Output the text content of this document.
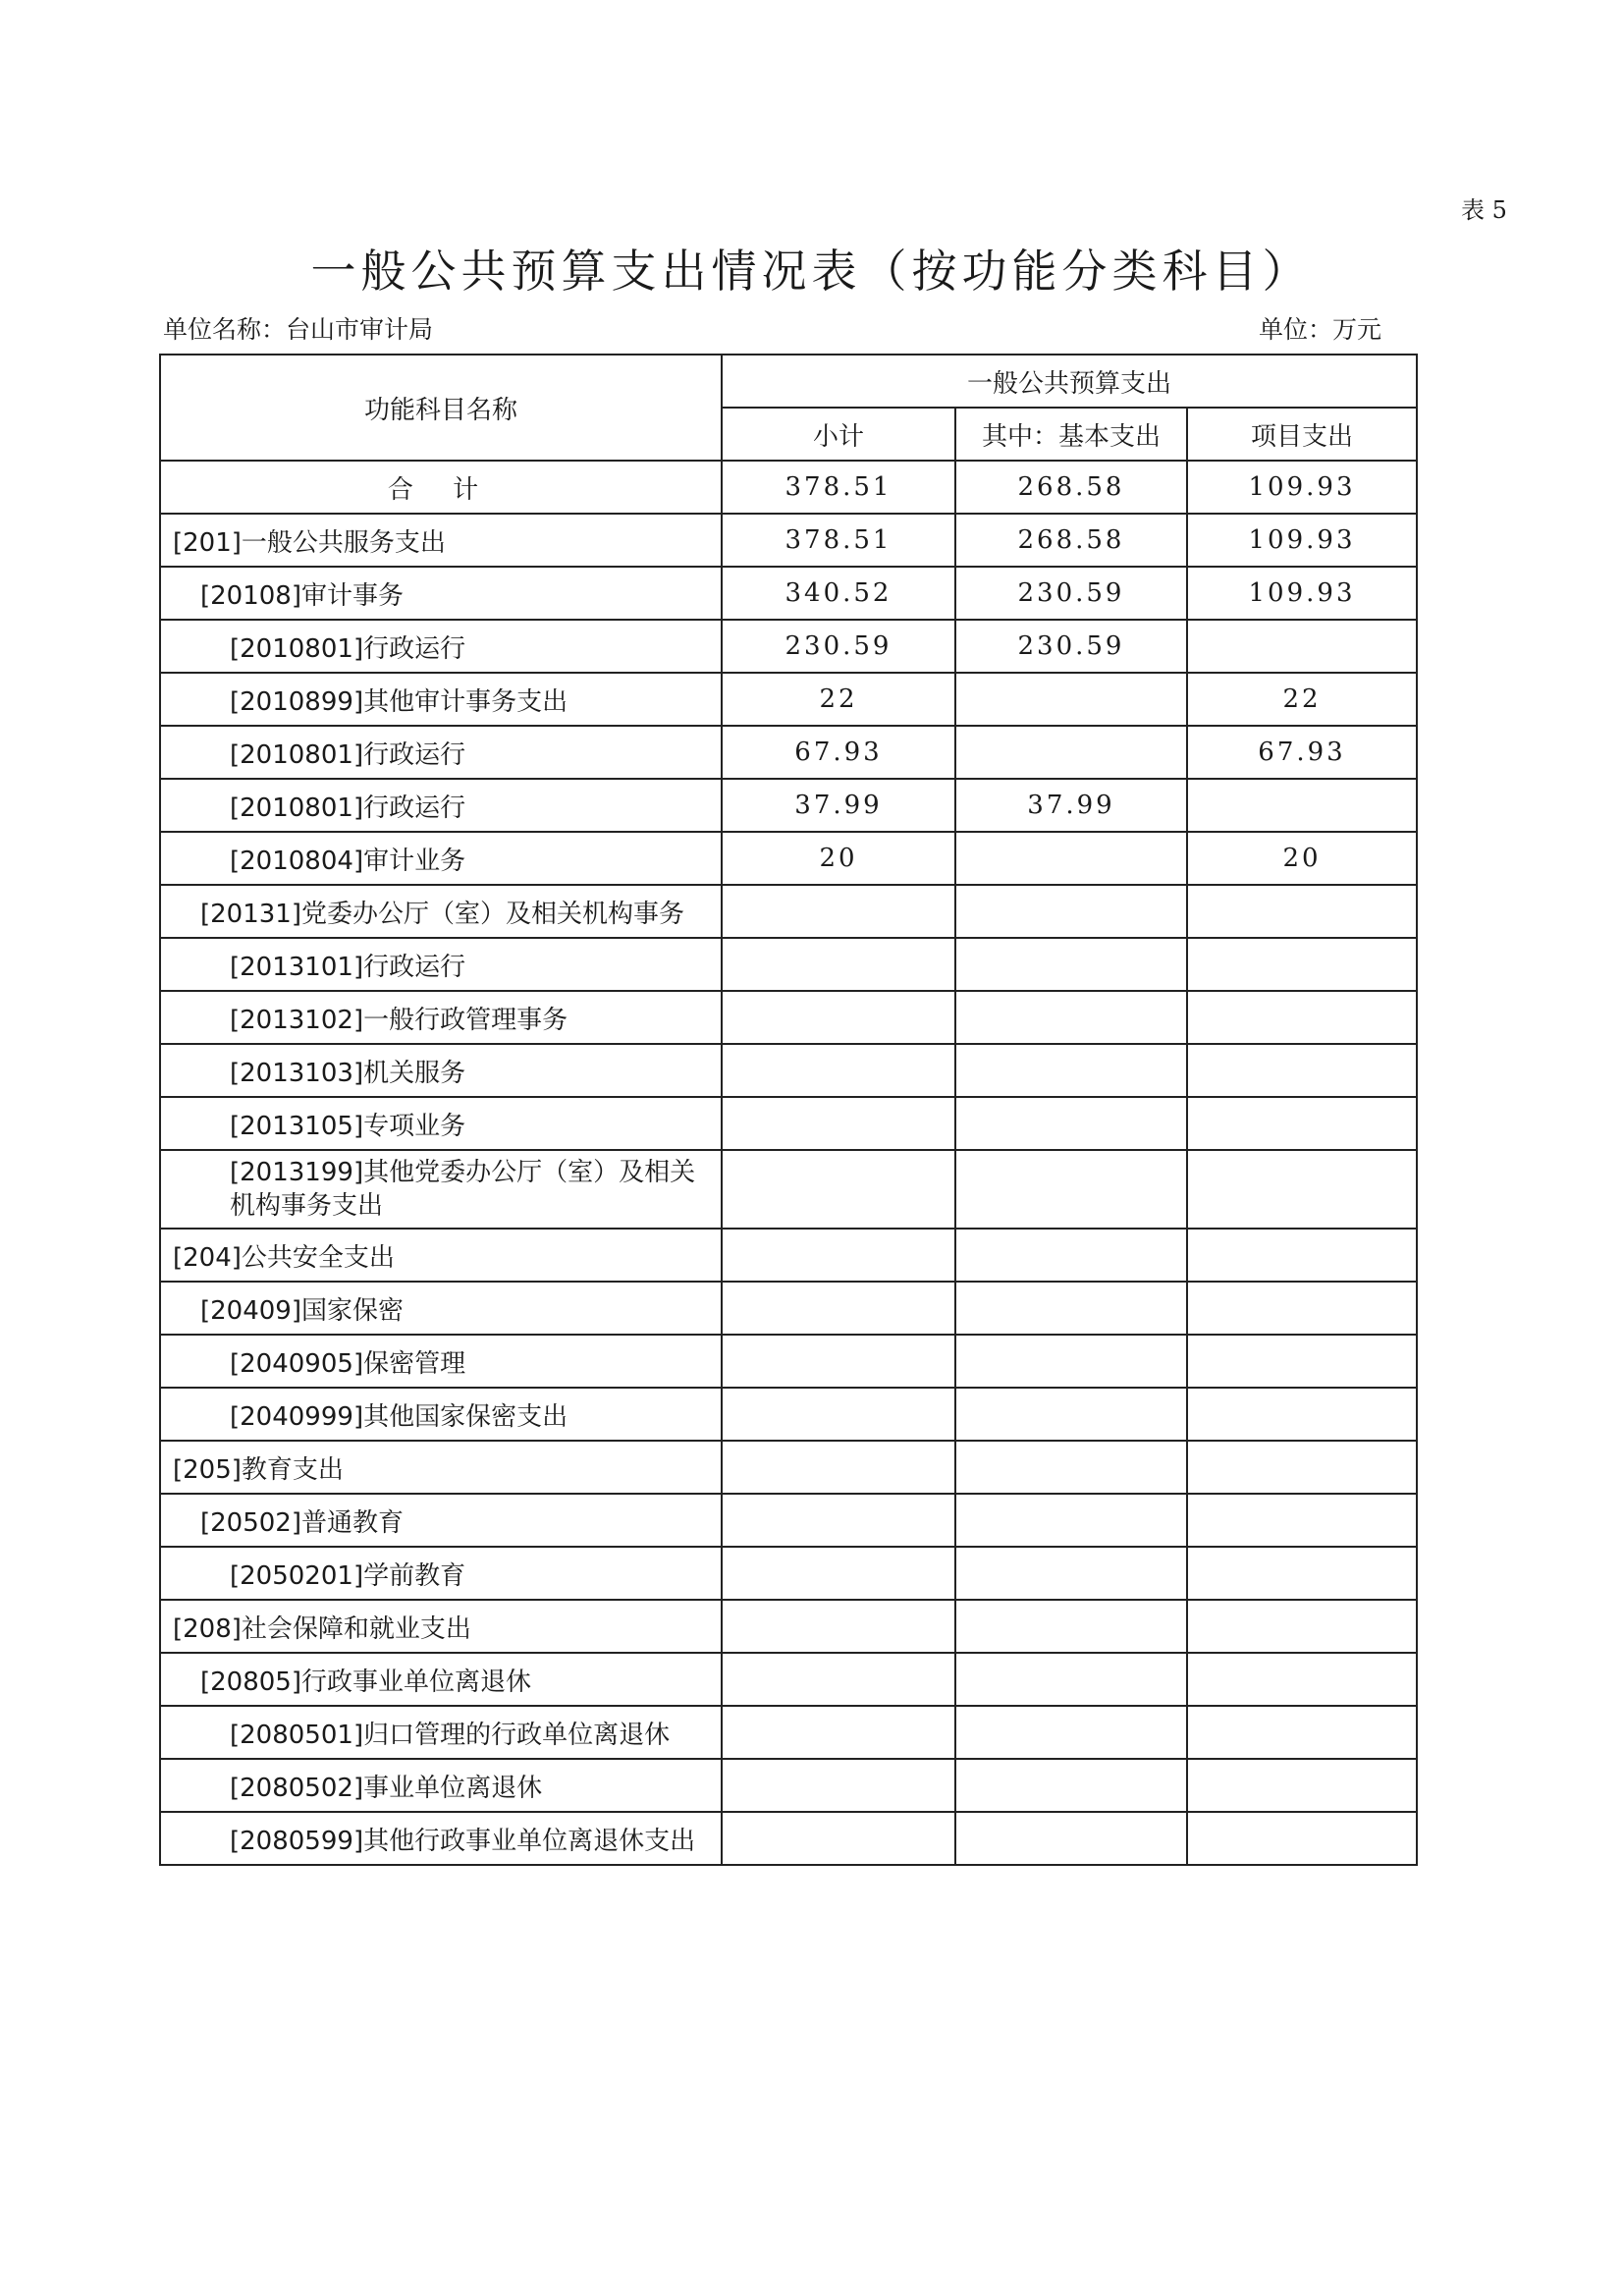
表 5
一般公共预算支出情况表（按功能分类科目）
单位名称：台山市审计局	单位：万元
功能科目名称	一般公共预算支出		
	小计	其中：基本支出	项目支出
合 计	378.51	268.58	109.93
[201]一般公共服务支出	378.51	268.58	109.93
[20108]审计事务	340.52	230.59	109.93
[2010801]行政运行	230.59	230.59	
[2010899]其他审计事务支出	22		22
[2010801]行政运行	67.93		67.93
[2010801]行政运行	37.99	37.99	
[2010804]审计业务	20		20
[20131]党委办公厅（室）及相关机构事务			
[2013101]行政运行			
[2013102]一般行政管理事务			
[2013103]机关服务			
[2013105]专项业务			
[2013199]其他党委办公厅（室）及相关机构事务支出			
[204]公共安全支出			
[20409]国家保密			
[2040905]保密管理			
[2040999]其他国家保密支出			
[205]教育支出			
[20502]普通教育			
[2050201]学前教育			
[208]社会保障和就业支出			
[20805]行政事业单位离退休			
[2080501]归口管理的行政单位离退休			
[2080502]事业单位离退休			
[2080599]其他行政事业单位离退休支出			
